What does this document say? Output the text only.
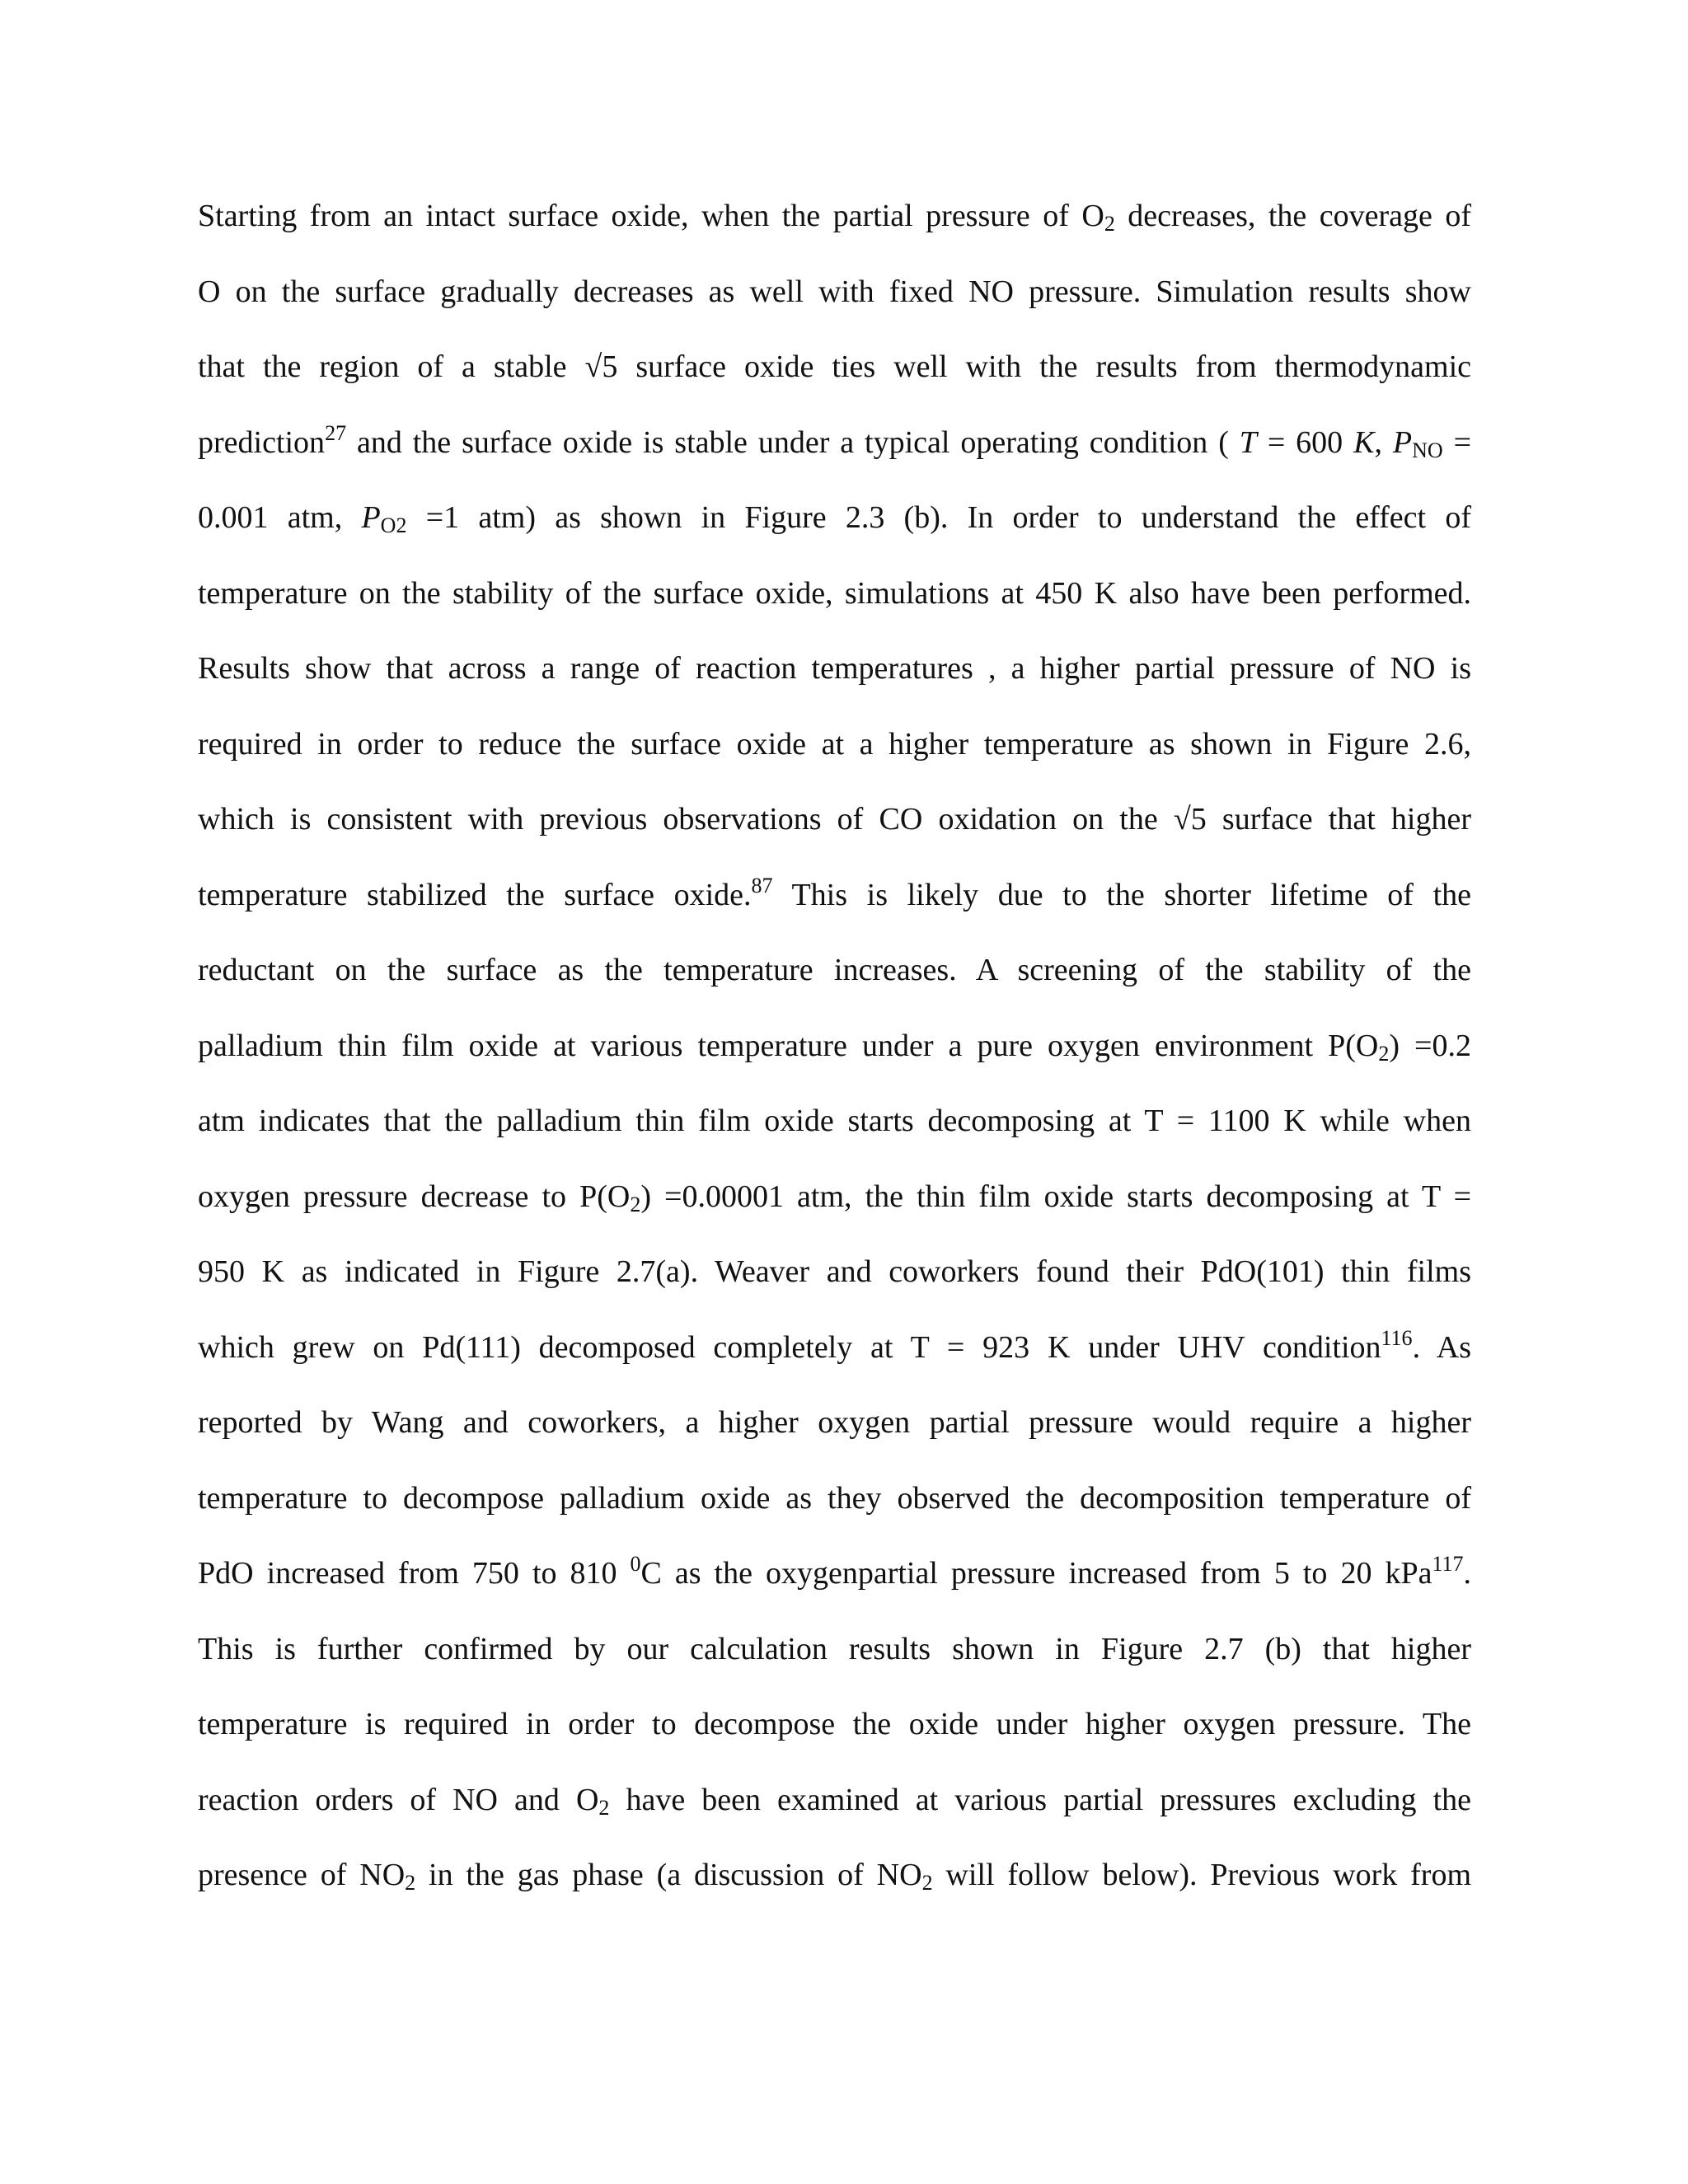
Starting from an intact surface oxide, when the partial pressure of $O_2$ decreases, the coverage of
O on the surface gradually decreases as well with fixed NO pressure. Simulation results show
that the region of a stable √5 surface oxide ties well with the results from thermodynamic
prediction$^{27}$ and the surface oxide is stable under a typical operating condition ( T = 600 K, $P_{NO}$ =
0.001 atm, $P_{O2} =1$ atm) as shown in Figure 2.3 (b). In order to understand the effect of
temperature on the stability of the surface oxide, simulations at 450 K also have been performed.
Results show that across a range of reaction temperatures , a higher partial pressure of NO is
required in order to reduce the surface oxide at a higher temperature as shown in Figure 2.6,
which is consistent with previous observations of CO oxidation on the √5 surface that higher
temperature stabilized the surface oxide.$^{87}$ This is likely due to the shorter lifetime of the
reductant on the surface as the temperature increases. A screening of the stability of the
palladium thin film oxide at various temperature under a pure oxygen environment $P(O_2) =0.2$
atm indicates that the palladium thin film oxide starts decomposing at T = 1100 K while when
oxygen pressure decrease to $P(O_2) =0.00001$ atm, the thin film oxide starts decomposing at T =
950 K as indicated in Figure 2.7(a). Weaver and coworkers found their PdO(101) thin films
which grew on Pd(111) decomposed completely at T = 923 K under UHV condition$^{116}$. As
reported by Wang and coworkers, a higher oxygen partial pressure would require a higher
temperature to decompose palladium oxide as they observed the decomposition temperature of
PdO increased from 750 to 810 $^0$C as the oxygenpartial pressure increased from 5 to 20 kPa$^{117}$.
This is further confirmed by our calculation results shown in Figure 2.7 (b) that higher
temperature is required in order to decompose the oxide under higher oxygen pressure. The
reaction orders of NO and $O_2$ have been examined at various partial pressures excluding the
presence of $NO_2$ in the gas phase (a discussion of $NO_2$ will follow below). Previous work from
